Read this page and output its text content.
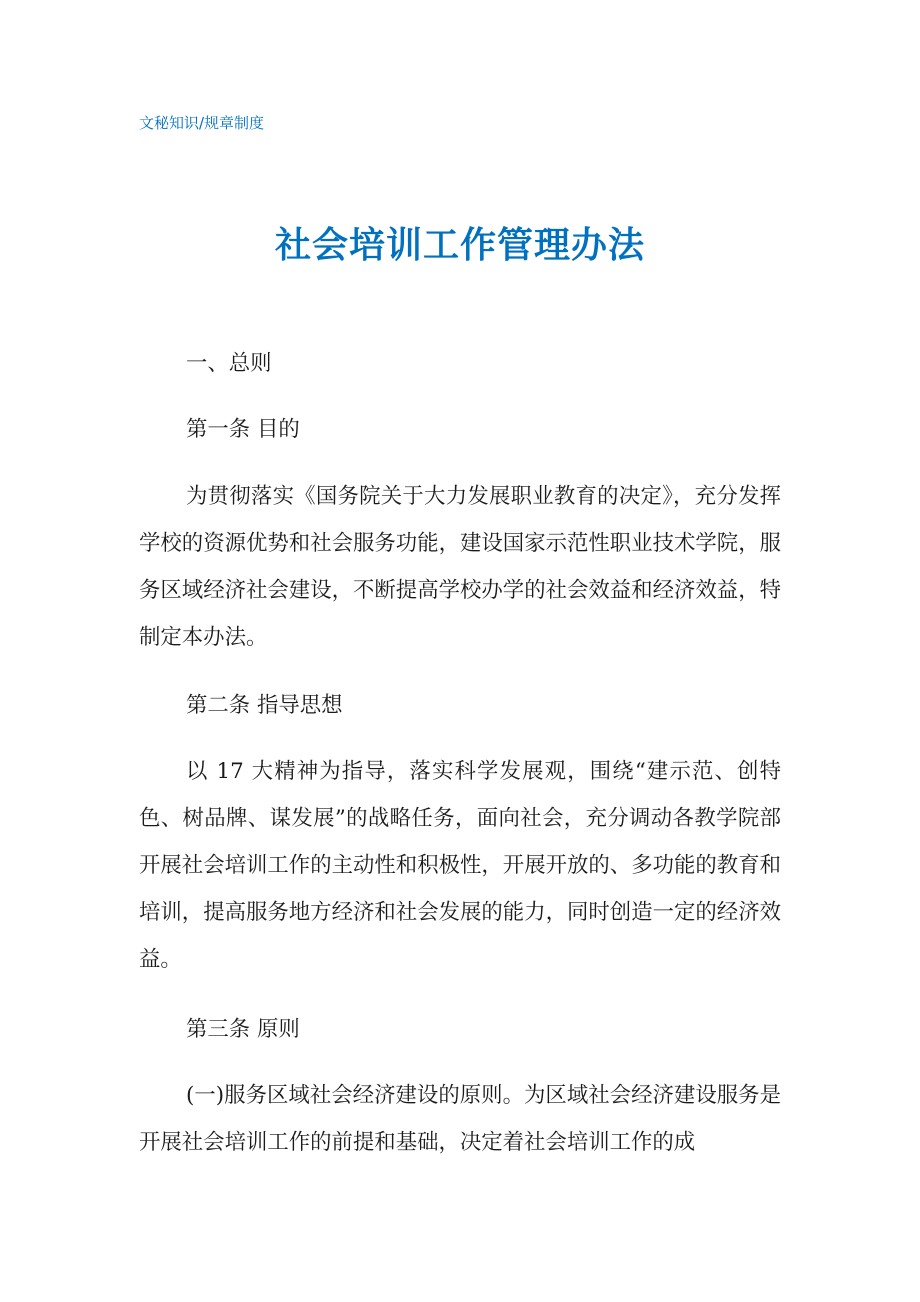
文秘知识/规章制度
社会培训工作管理办法
一、总则
第一条 目的
为贯彻落实《国务院关于大力发展职业教育的决定》，充分发挥学校的资源优势和社会服务功能，建设国家示范性职业技术学院，服务区域经济社会建设，不断提高学校办学的社会效益和经济效益，特制定本办法。
第二条 指导思想
以 17 大精神为指导，落实科学发展观，围绕“建示范、创特色、树品牌、谋发展”的战略任务，面向社会，充分调动各教学院部开展社会培训工作的主动性和积极性，开展开放的、多功能的教育和培训，提高服务地方经济和社会发展的能力，同时创造一定的经济效益。
第三条 原则
(一)服务区域社会经济建设的原则。为区域社会经济建设服务是开展社会培训工作的前提和基础，决定着社会培训工作的成
